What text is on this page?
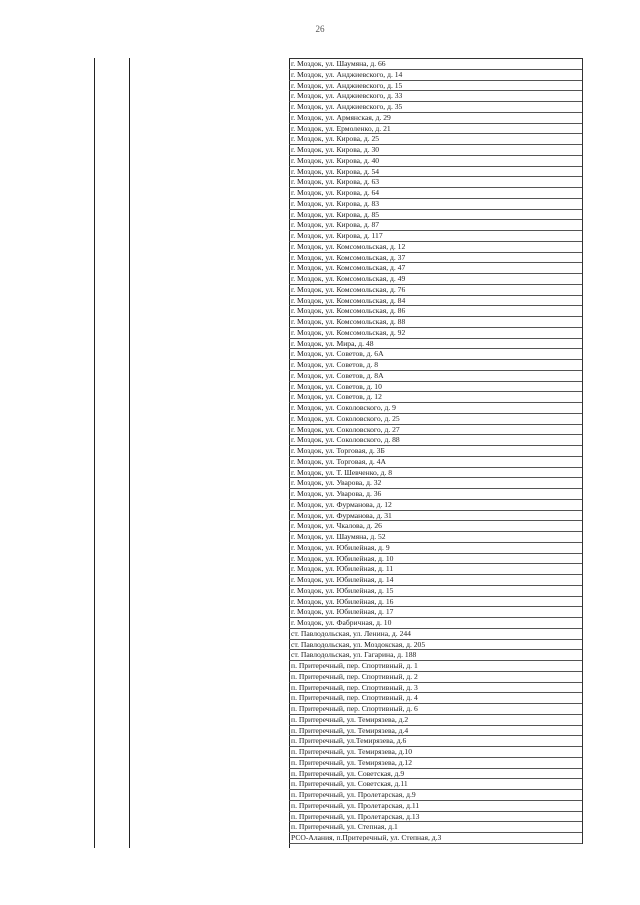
26
г. Моздок, ул. Шаумяна, д. 66
г. Моздок, ул. Анджиевского, д. 14
г. Моздок, ул. Анджиевского, д. 15
г. Моздок, ул. Анджиевского, д. 33
г. Моздок, ул. Анджиевского, д. 35
г. Моздок, ул. Армянская, д. 29
г. Моздок, ул. Ермоленко, д. 21
г. Моздок, ул. Кирова, д. 25
г. Моздок, ул. Кирова, д. 30
г. Моздок, ул. Кирова, д. 40
г. Моздок, ул. Кирова, д. 54
г. Моздок, ул. Кирова, д. 63
г. Моздок, ул. Кирова, д. 64
г. Моздок, ул. Кирова, д. 83
г. Моздок, ул. Кирова, д. 85
г. Моздок, ул. Кирова, д. 87
г. Моздок, ул. Кирова, д. 117
г. Моздок, ул. Комсомольская, д. 12
г. Моздок, ул. Комсомольская, д. 37
г. Моздок, ул. Комсомольская, д. 47
г. Моздок, ул. Комсомольская, д. 49
г. Моздок, ул. Комсомольская, д. 76
г. Моздок, ул. Комсомольская, д. 84
г. Моздок, ул. Комсомольская, д. 86
г. Моздок, ул. Комсомольская, д. 88
г. Моздок, ул. Комсомольская, д. 92
г. Моздок, ул. Мира, д. 48
г. Моздок, ул. Советов, д. 6А
г. Моздок, ул. Советов, д. 8
г. Моздок, ул. Советов, д. 8А
г. Моздок, ул. Советов, д. 10
г. Моздок, ул. Советов, д. 12
г. Моздок, ул. Соколовского, д. 9
г. Моздок, ул. Соколовского, д. 25
г. Моздок, ул. Соколовского, д. 27
г. Моздок, ул. Соколовского, д. 88
г. Моздок, ул. Торговая, д. 3Б
г. Моздок, ул. Торговая, д. 4А
г. Моздок, ул. Т. Шевченко, д. 8
г. Моздок, ул. Уварова, д. 32
г. Моздок, ул. Уварова, д. 36
г. Моздок, ул. Фурманова, д. 12
г. Моздок, ул. Фурманова, д. 31
г. Моздок, ул. Чкалова, д. 26
г. Моздок, ул. Шаумяна, д. 52
г. Моздок, ул. Юбилейная, д. 9
г. Моздок, ул. Юбилейная, д. 10
г. Моздок, ул. Юбилейная, д. 11
г. Моздок, ул. Юбилейная, д. 14
г. Моздок, ул. Юбилейная, д. 15
г. Моздок, ул. Юбилейная, д. 16
г. Моздок, ул. Юбилейная, д. 17
г. Моздок, ул. Фабричная, д. 10
ст. Павлодольская, ул. Ленина, д. 244
ст. Павлодольская, ул. Моздокская, д. 205
ст. Павлодольская, ул. Гагарина, д. 188
п. Притеречный, пер. Спортивный, д. 1
п. Притеречный, пер. Спортивный, д. 2
п. Притеречный, пер. Спортивный, д. 3
п. Притеречный, пер. Спортивный, д. 4
п. Притеречный, пер. Спортивный, д. 6
п. Притеречный, ул. Темирязева, д.2
п. Притеречный, ул. Темирязева, д.4
п. Притеречный, ул.Темирязева, д.6
п. Притеречный, ул. Темирязева, д.10
п. Притеречный, ул. Темирязева, д.12
п. Притеречный, ул. Советская, д.9
п. Притеречный, ул. Советская, д.11
п. Притеречный, ул. Пролетарская, д.9
п. Притеречный, ул. Пролетарская, д.11
п. Притеречный, ул. Пролетарская, д.13
п. Притеречный, ул. Степная, д.1
РСО-Алания, п.Притеречный, ул. Степная, д.3
